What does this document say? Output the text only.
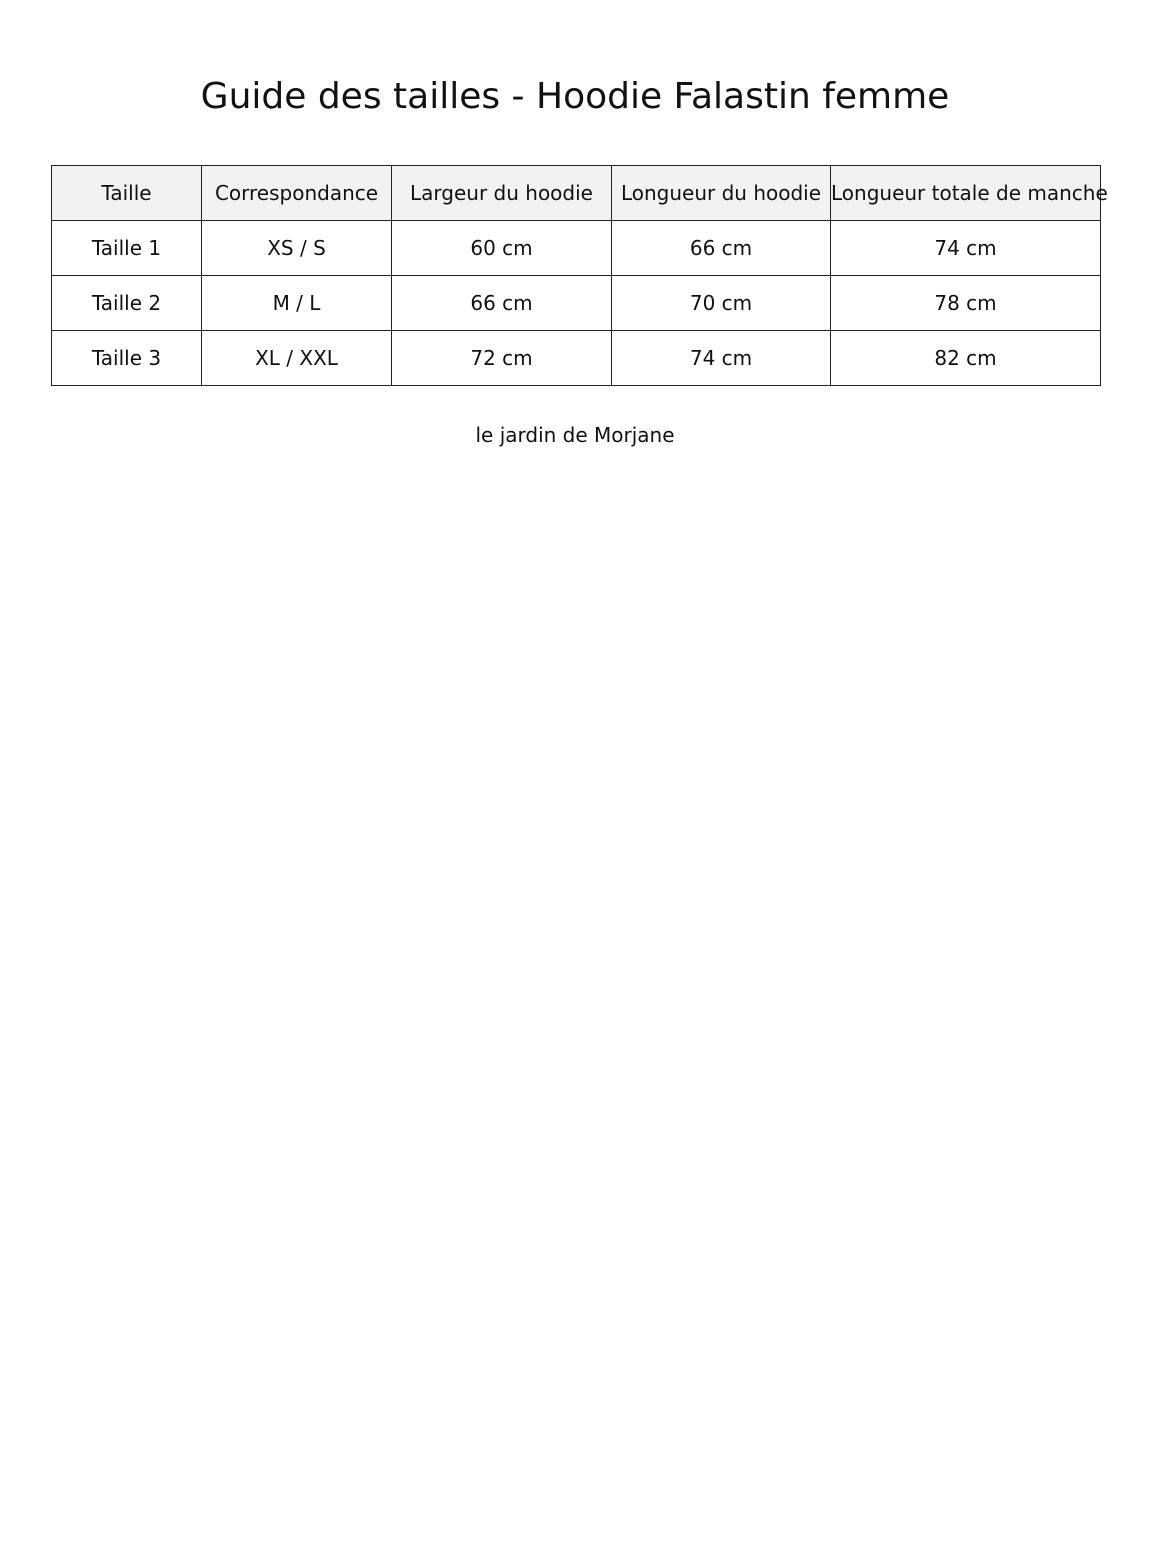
Guide des tailles - Hoodie Falastin femme
Taille	Correspondance	Largeur du hoodie	Longueur du hoodie	Longueur totale de manche
Taille 1	XS / S	60 cm	66 cm	74 cm
Taille 2	M / L	66 cm	70 cm	78 cm
Taille 3	XL / XXL	72 cm	74 cm	82 cm
le jardin de Morjane
